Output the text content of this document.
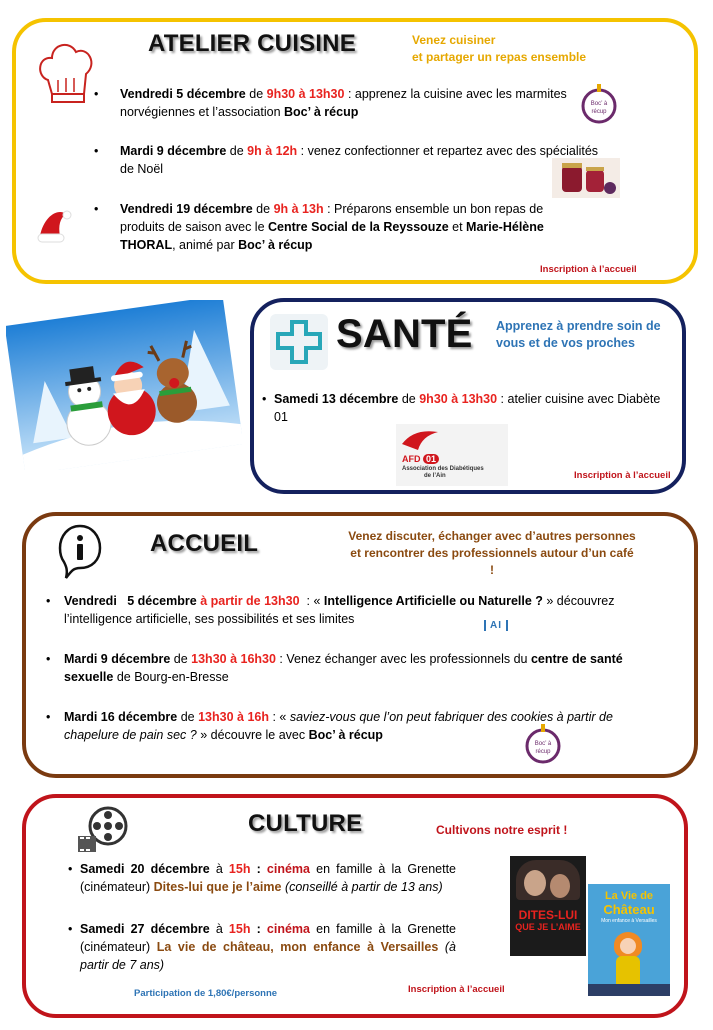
ATELIER CUISINE	Venez cuisiner
et partager un repas ensemble
• Vendredi 5 décembre de 9h30 à 13h30 : apprenez la cuisine avec les marmites norvégiennes et l’association Boc’ à récup
Boc’ à
récup
• Mardi 9 décembre de 9h à 12h : venez confectionner et repartez avec des spécialités de Noël
• Vendredi 19 décembre de 9h à 13h : Préparons ensemble un bon repas de produits de saison avec le Centre Social de la Reyssouze et Marie-Hélène THORAL, animé par Boc’ à récup
Inscription à l’accueil
SANTÉ Apprenez à prendre soin de
vous et de vos proches
• Samedi 13 décembre de 9h30 à 13h30 : atelier cuisine avec Diabète 01
AFD 01
Association des Diabétiques
de l’Ain	Inscription à l’accueil
ACCUEIL	Venez discuter, échanger avec d’autres personnes
et rencontrer des professionnels autour d’un café
!
• Vendredi   5 décembre à partir de 13h30  : « Intelligence Artificielle ou Naturelle ? » découvrez l’intelligence artificielle, ses possibilités et ses limites	AI
• Mardi 9 décembre de 13h30 à 16h30 : Venez échanger avec les professionnels du centre de santé sexuelle de Bourg-en-Bresse
• Mardi 16 décembre de 13h30 à 16h : « saviez-vous que l’on peut fabriquer des cookies à partir de chapelure de pain sec ? » découvre le avec Boc’ à récup
Boc’ à
récup
CULTURE	Cultivons notre esprit !
• Samedi 20 décembre à 15h : cinéma en famille à la Grenette (cinémateur) Dites-lui que je l’aime (conseillé à partir de 13 ans)
• Samedi 27 décembre à 15h : cinéma en famille à la Grenette (cinémateur) La vie de château, mon enfance à Versailles (à partir de 7 ans)
Participation de 1,80€/personne	Inscription à l’accueil
DITES-LUI
QUE JE L’AIME
La Vie de
Château
Mon enfance à Versailles
